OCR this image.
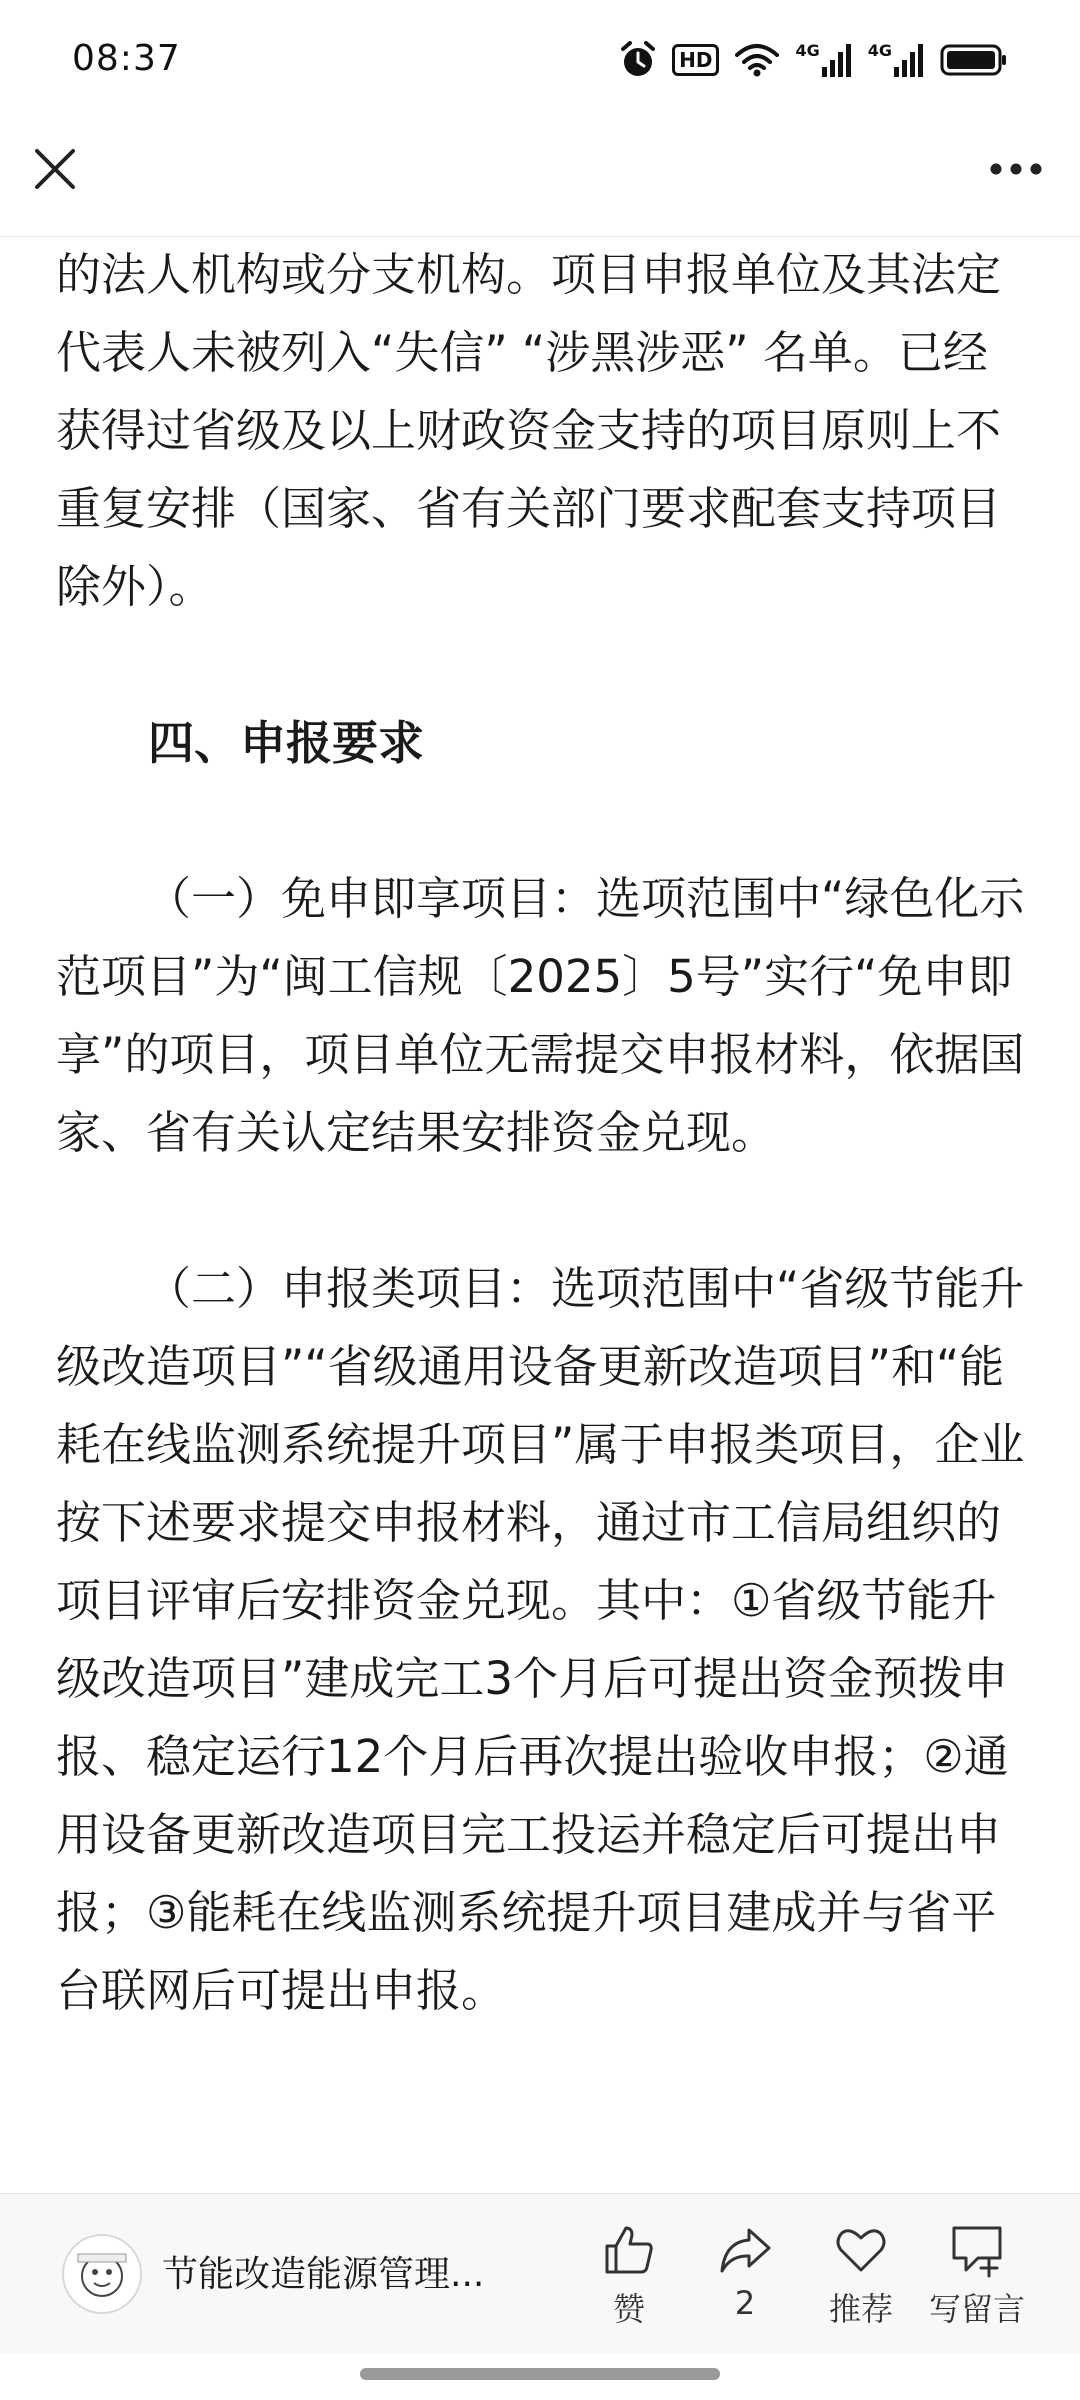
08:37	HD	4G	4G

的法人机构或分支机构。项目申报单位及其法定代表人未被列入“失信” “涉黑涉恶” 名单。已经获得过省级及以上财政资金支持的项目原则上不重复安排（国家、省有关部门要求配套支持项目除外）。

四、申报要求

（一）免申即享项目：选项范围中“绿色化示范项目”为“闽工信规〔2025〕5号”实行“免申即享”的项目，项目单位无需提交申报材料，依据国家、省有关认定结果安排资金兑现。

（二）申报类项目：选项范围中“省级节能升级改造项目”“省级通用设备更新改造项目”和“能耗在线监测系统提升项目”属于申报类项目，企业按下述要求提交申报材料，通过市工信局组织的项目评审后安排资金兑现。其中：①省级节能升级改造项目”建成完工3个月后可提出资金预拨申报、稳定运行12个月后再次提出验收申报；②通用设备更新改造项目完工投运并稳定后可提出申报；③能耗在线监测系统提升项目建成并与省平台联网后可提出申报。

节能改造能源管理...
赞	2 推荐 写留言
